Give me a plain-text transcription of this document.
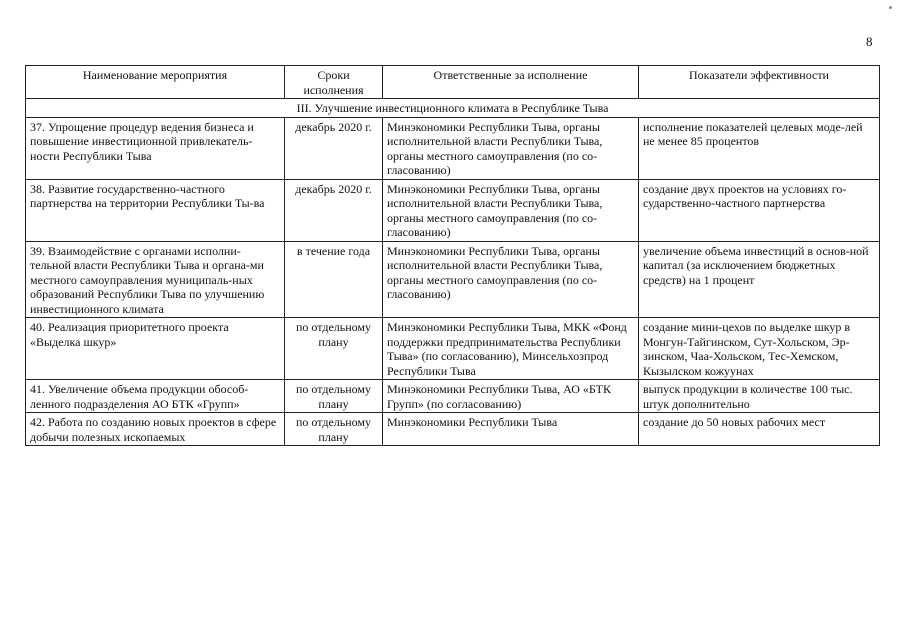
8
Наименование мероприятия	Сроки исполнения	Ответственные за исполнение	Показатели эффективности
III. Улучшение инвестиционного климата в Республике Тыва			
37. Упрощение процедур ведения бизнеса и повышение инвестиционной привлекатель-ности Республики Тыва	декабрь 2020 г.	Минэкономики Республики Тыва, органы исполнительной власти Республики Тыва, органы местного самоуправления (по со-гласованию)	исполнение показателей целевых моде-лей не менее 85 процентов
38. Развитие государственно-частного партнерства на территории Республики Ты-ва	декабрь 2020 г.	Минэкономики Республики Тыва, органы исполнительной власти Республики Тыва, органы местного самоуправления (по со-гласованию)	создание двух проектов на условиях го-сударственно-частного партнерства
39. Взаимодействие с органами исполни-тельной власти Республики Тыва и органа-ми местного самоуправления муниципаль-ных образований Республики Тыва по улучшению инвестиционного климата	в течение года	Минэкономики Республики Тыва, органы исполнительной власти Республики Тыва, органы местного самоуправления (по со-гласованию)	увеличение объема инвестиций в основ-ной капитал (за исключением бюджетных средств) на 1 процент
40. Реализация приоритетного проекта «Выделка шкур»	по отдельному плану	Минэкономики Республики Тыва, МКК «Фонд поддержки предпринимательства Республики Тыва» (по согласованию), Минсельхозпрод Республики Тыва	создание мини-цехов по выделке шкур в Монгун-Тайгинском, Сут-Хольском, Эр-зинском, Чаа-Хольском, Тес-Хемском, Кызылском кожуунах
41. Увеличение объема продукции обособ-ленного подразделения АО БТК «Групп»	по отдельному плану	Минэкономики Республики Тыва, АО «БТК Групп» (по согласованию)	выпуск продукции в количестве 100 тыс. штук дополнительно
42. Работа по созданию новых проектов в сфере добычи полезных ископаемых	по отдельному плану	Минэкономики Республики Тыва	создание до 50 новых рабочих мест
